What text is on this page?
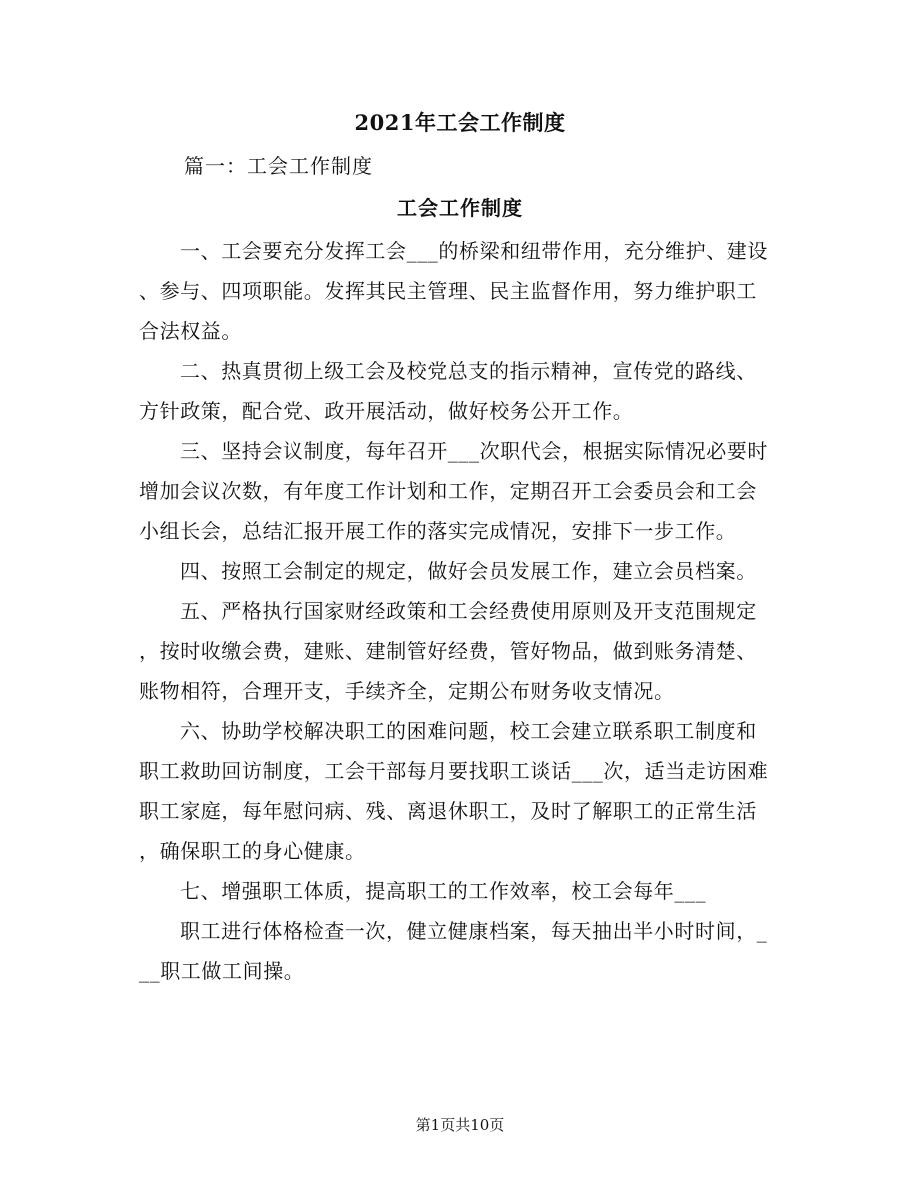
2021年工会工作制度
篇一：工会工作制度
工会工作制度

一、工会要充分发挥工会___的桥梁和纽带作用，充分维护、建设
、参与、四项职能。发挥其民主管理、民主监督作用，努力维护职工
合法权益。

二、热真贯彻上级工会及校党总支的指示精神，宣传党的路线、
方针政策，配合党、政开展活动，做好校务公开工作。

三、坚持会议制度，每年召开___次职代会，根据实际情况必要时
增加会议次数，有年度工作计划和工作，定期召开工会委员会和工会
小组长会，总结汇报开展工作的落实完成情况，安排下一步工作。

四、按照工会制定的规定，做好会员发展工作，建立会员档案。

五、严格执行国家财经政策和工会经费使用原则及开支范围规定
，按时收缴会费，建账、建制管好经费，管好物品，做到账务清楚、
账物相符，合理开支，手续齐全，定期公布财务收支情况。

六、协助学校解决职工的困难问题，校工会建立联系职工制度和
职工救助回访制度，工会干部每月要找职工谈话___次，适当走访困难
职工家庭，每年慰问病、残、离退休职工，及时了解职工的正常生活
，确保职工的身心健康。

七、增强职工体质，提高职工的工作效率，校工会每年___

职工进行体格检查一次，健立健康档案，每天抽出半小时时间，_
__职工做工间操。

第1页共10页
